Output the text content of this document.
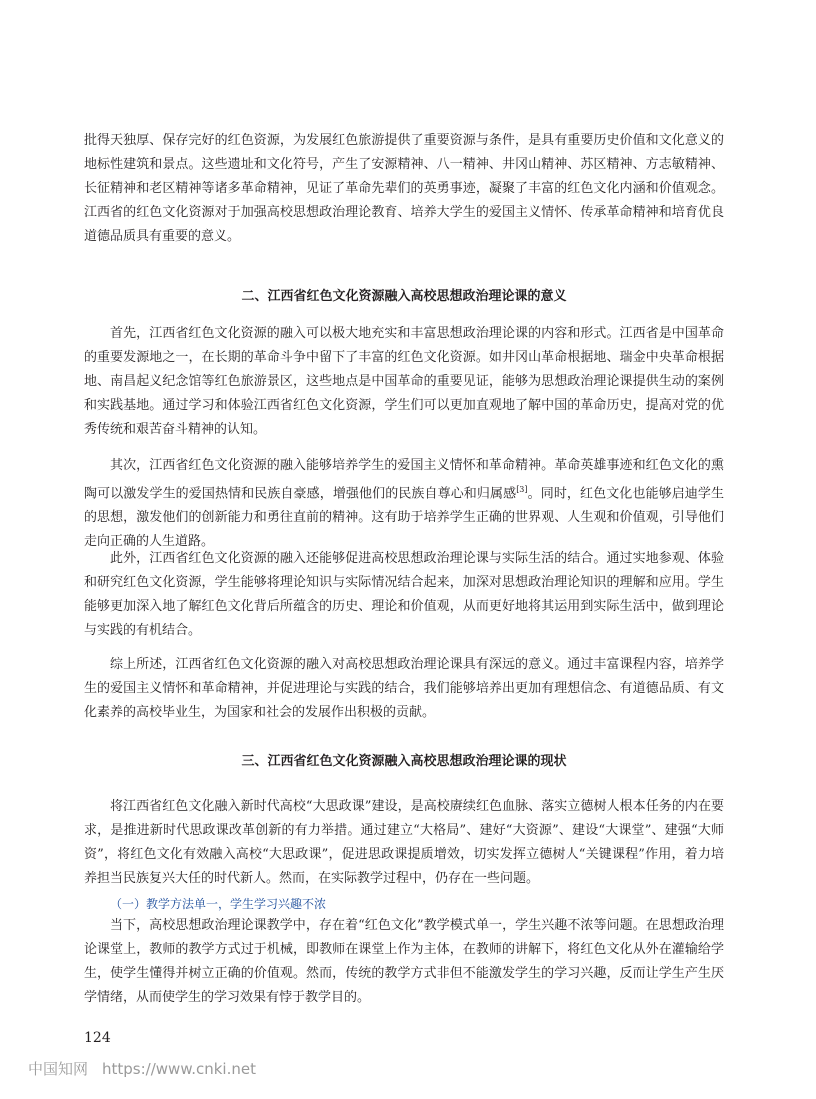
批得天独厚、保存完好的红色资源，为发展红色旅游提供了重要资源与条件，是具有重要历史价值和文化意义的地标性建筑和景点。这些遗址和文化符号，产生了安源精神、八一精神、井冈山精神、苏区精神、方志敏精神、长征精神和老区精神等诸多革命精神，见证了革命先辈们的英勇事迹，凝聚了丰富的红色文化内涵和价值观念。江西省的红色文化资源对于加强高校思想政治理论教育、培养大学生的爱国主义情怀、传承革命精神和培育优良道德品质具有重要的意义。

二、江西省红色文化资源融入高校思想政治理论课的意义

首先，江西省红色文化资源的融入可以极大地充实和丰富思想政治理论课的内容和形式。江西省是中国革命的重要发源地之一，在长期的革命斗争中留下了丰富的红色文化资源。如井冈山革命根据地、瑞金中央革命根据地、南昌起义纪念馆等红色旅游景区，这些地点是中国革命的重要见证，能够为思想政治理论课提供生动的案例和实践基地。通过学习和体验江西省红色文化资源，学生们可以更加直观地了解中国的革命历史，提高对党的优秀传统和艰苦奋斗精神的认知。

其次，江西省红色文化资源的融入能够培养学生的爱国主义情怀和革命精神。革命英雄事迹和红色文化的熏陶可以激发学生的爱国热情和民族自豪感，增强他们的民族自尊心和归属感[3]。同时，红色文化也能够启迪学生的思想，激发他们的创新能力和勇往直前的精神。这有助于培养学生正确的世界观、人生观和价值观，引导他们走向正确的人生道路。

此外，江西省红色文化资源的融入还能够促进高校思想政治理论课与实际生活的结合。通过实地参观、体验和研究红色文化资源，学生能够将理论知识与实际情况结合起来，加深对思想政治理论知识的理解和应用。学生能够更加深入地了解红色文化背后所蕴含的历史、理论和价值观，从而更好地将其运用到实际生活中，做到理论与实践的有机结合。

综上所述，江西省红色文化资源的融入对高校思想政治理论课具有深远的意义。通过丰富课程内容，培养学生的爱国主义情怀和革命精神，并促进理论与实践的结合，我们能够培养出更加有理想信念、有道德品质、有文化素养的高校毕业生，为国家和社会的发展作出积极的贡献。

三、江西省红色文化资源融入高校思想政治理论课的现状

将江西省红色文化融入新时代高校“大思政课”建设，是高校赓续红色血脉、落实立德树人根本任务的内在要求，是推进新时代思政课改革创新的有力举措。通过建立“大格局”、建好“大资源”、建设“大课堂”、建强“大师资”，将红色文化有效融入高校“大思政课”，促进思政课提质增效，切实发挥立德树人“关键课程”作用，着力培养担当民族复兴大任的时代新人。然而，在实际教学过程中，仍存在一些问题。

（一）教学方法单一，学生学习兴趣不浓

当下，高校思想政治理论课教学中，存在着“红色文化”教学模式单一，学生兴趣不浓等问题。在思想政治理论课堂上，教师的教学方式过于机械，即教师在课堂上作为主体，在教师的讲解下，将红色文化从外在灌输给学生，使学生懂得并树立正确的价值观。然而，传统的教学方式非但不能激发学生的学习兴趣，反而让学生产生厌学情绪，从而使学生的学习效果有悖于教学目的。

124

中国知网 https://www.cnki.net
